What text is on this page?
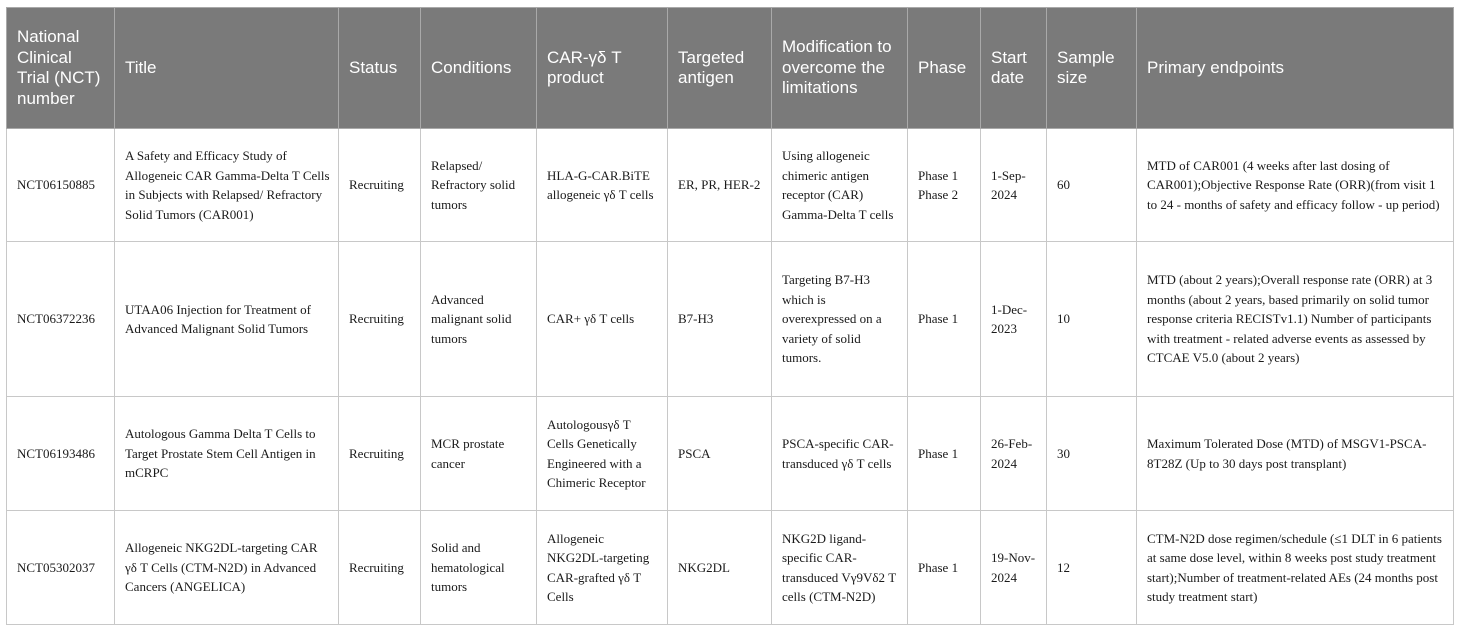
National Clinical Trial (NCT) number	Title	Status	Conditions	CAR-γδ T product	Targeted antigen	Modification to overcome the limitations	Phase	Start date	Sample size	Primary endpoints
NCT06150885	A Safety and Efficacy Study of Allogeneic CAR Gamma-Delta T Cells in Subjects with Relapsed/ Refractory Solid Tumors (CAR001)	Recruiting	Relapsed/ Refractory solid tumors	HLA-G-CAR.BiTE allogeneic γδ T cells	ER, PR, HER-2	Using allogeneic chimeric antigen receptor (CAR) Gamma-Delta T cells	Phase 1 Phase 2	1-Sep-2024	60	MTD of CAR001 (4 weeks after last dosing of CAR001);Objective Response Rate (ORR)(from visit 1 to 24 - months of safety and efficacy follow - up period)
NCT06372236	UTAA06 Injection for Treatment of Advanced Malignant Solid Tumors	Recruiting	Advanced malignant solid tumors	CAR+ γδ T cells	B7-H3	Targeting B7-H3 which is overexpressed on a variety of solid tumors.	Phase 1	1-Dec-2023	10	MTD (about 2 years);Overall response rate (ORR) at 3 months (about 2 years, based primarily on solid tumor response criteria RECISTv1.1) Number of participants with treatment - related adverse events as assessed by CTCAE V5.0 (about 2 years)
NCT06193486	Autologous Gamma Delta T Cells to Target Prostate Stem Cell Antigen in mCRPC	Recruiting	MCR prostate cancer	Autologousγδ T Cells Genetically Engineered with a Chimeric Receptor	PSCA	PSCA-specific CAR-transduced γδ T cells	Phase 1	26-Feb-2024	30	Maximum Tolerated Dose (MTD) of MSGV1-PSCA-8T28Z (Up to 30 days post transplant)
NCT05302037	Allogeneic NKG2DL-targeting CAR γδ T Cells (CTM-N2D) in Advanced Cancers (ANGELICA)	Recruiting	Solid and hematological tumors	Allogeneic NKG2DL-targeting CAR-grafted γδ T Cells	NKG2DL	NKG2D ligand-specific CAR-transduced Vγ9Vδ2 T cells (CTM-N2D)	Phase 1	19-Nov-2024	12	CTM-N2D dose regimen/schedule (≤1 DLT in 6 patients at same dose level, within 8 weeks post study treatment start);Number of treatment-related AEs (24 months post study treatment start)
